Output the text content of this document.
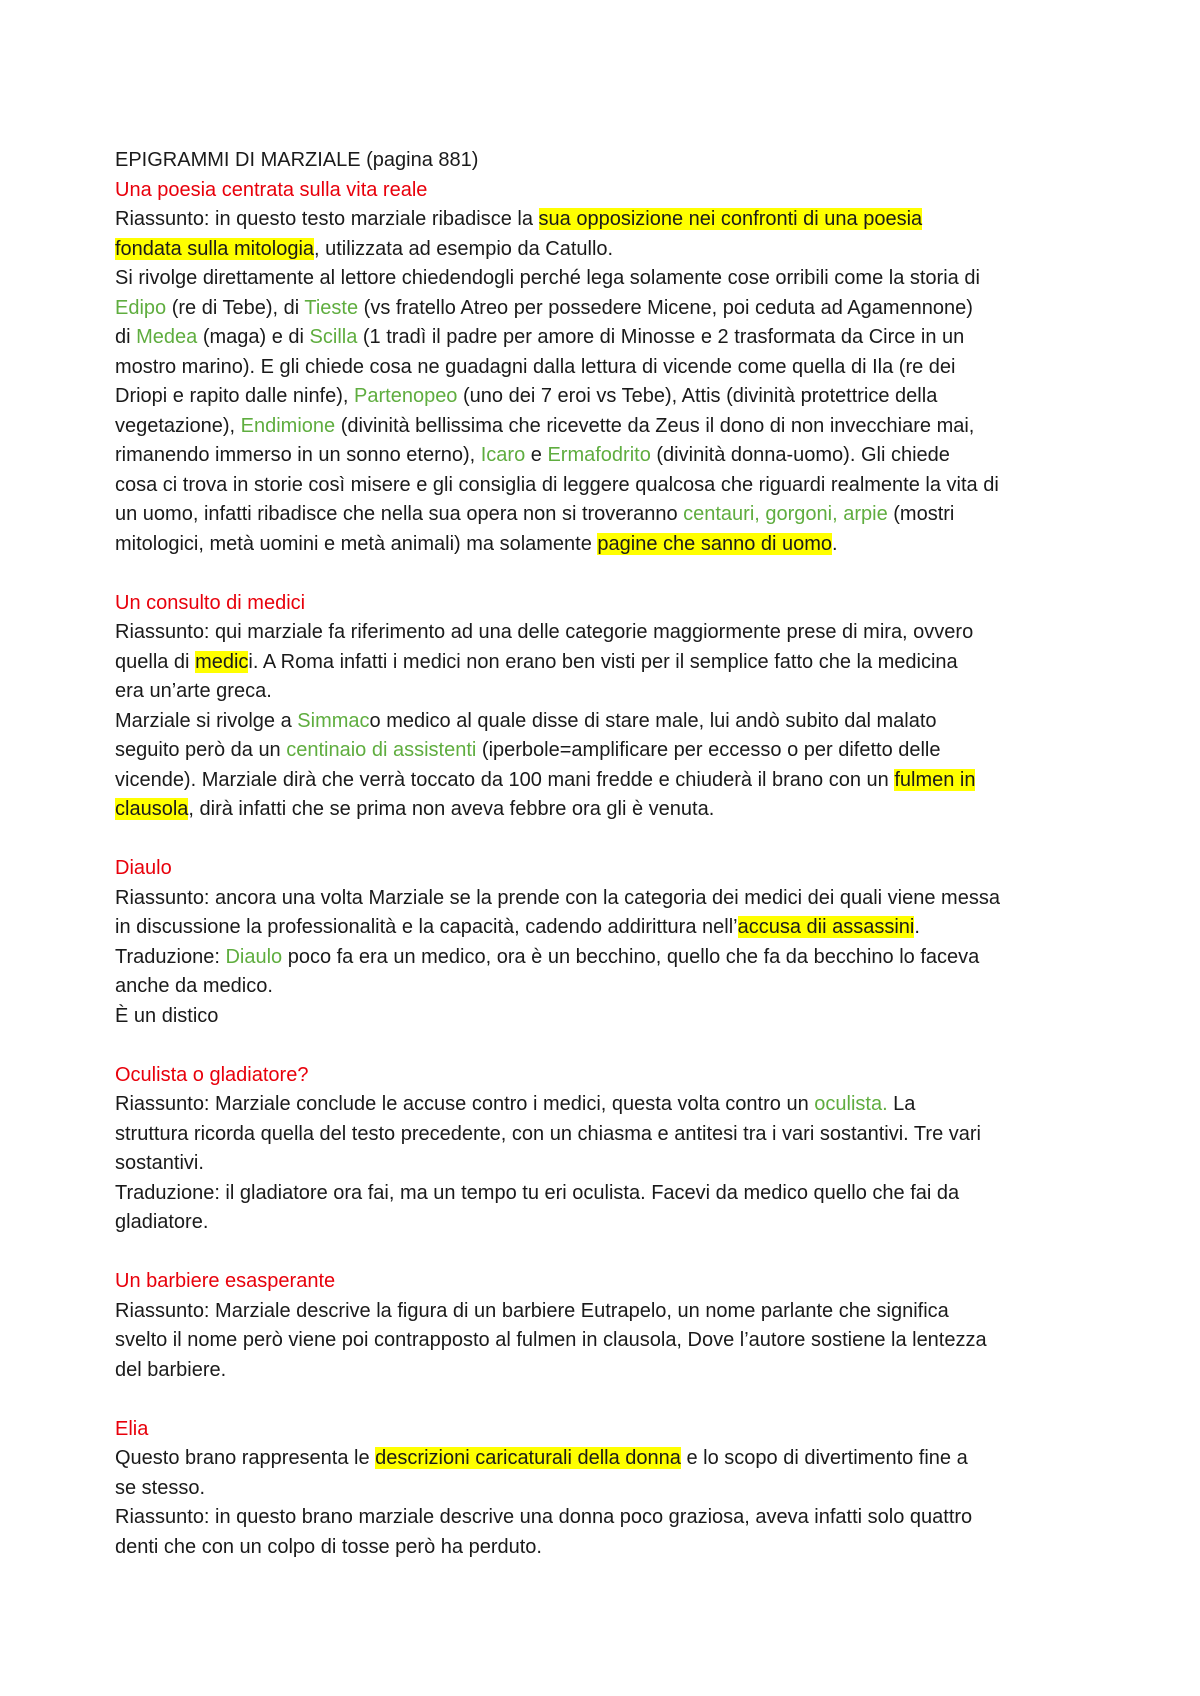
EPIGRAMMI DI MARZIALE (pagina 881)
Una poesia centrata sulla vita reale
Riassunto: in questo testo marziale ribadisce la sua opposizione nei confronti di una poesia
fondata sulla mitologia, utilizzata ad esempio da Catullo.
Si rivolge direttamente al lettore chiedendogli perché lega solamente cose orribili come la storia di
Edipo (re di Tebe), di Tieste (vs fratello Atreo per possedere Micene, poi ceduta ad Agamennone)
di Medea (maga) e di Scilla (1 tradì il padre per amore di Minosse e 2 trasformata da Circe in un
mostro marino). E gli chiede cosa ne guadagni dalla lettura di vicende come quella di Ila (re dei
Driopi e rapito dalle ninfe), Partenopeo (uno dei 7 eroi vs Tebe), Attis (divinità protettrice della
vegetazione), Endimione (divinità bellissima che ricevette da Zeus il dono di non invecchiare mai,
rimanendo immerso in un sonno eterno), Icaro e Ermafodrito (divinità donna-uomo). Gli chiede
cosa ci trova in storie così misere e gli consiglia di leggere qualcosa che riguardi realmente la vita di
un uomo, infatti ribadisce che nella sua opera non si troveranno centauri, gorgoni, arpie (mostri
mitologici, metà uomini e metà animali) ma solamente pagine che sanno di uomo.
Un consulto di medici
Riassunto: qui marziale fa riferimento ad una delle categorie maggiormente prese di mira, ovvero
quella di medici. A Roma infatti i medici non erano ben visti per il semplice fatto che la medicina
era un’arte greca.
Marziale si rivolge a Simmaco medico al quale disse di stare male, lui andò subito dal malato
seguito però da un centinaio di assistenti (iperbole=amplificare per eccesso o per difetto delle
vicende). Marziale dirà che verrà toccato da 100 mani fredde e chiuderà il brano con un fulmen in
clausola, dirà infatti che se prima non aveva febbre ora gli è venuta.
Diaulo
Riassunto: ancora una volta Marziale se la prende con la categoria dei medici dei quali viene messa
in discussione la professionalità e la capacità, cadendo addirittura nell’accusa dii assassini.
Traduzione: Diaulo poco fa era un medico, ora è un becchino, quello che fa da becchino lo faceva
anche da medico.
È un distico
Oculista o gladiatore?
Riassunto: Marziale conclude le accuse contro i medici, questa volta contro un oculista. La
struttura ricorda quella del testo precedente, con un chiasma e antitesi tra i vari sostantivi. Tre vari
sostantivi.
Traduzione: il gladiatore ora fai, ma un tempo tu eri oculista. Facevi da medico quello che fai da
gladiatore.
Un barbiere esasperante
Riassunto: Marziale descrive la figura di un barbiere Eutrapelo, un nome parlante che significa
svelto il nome però viene poi contrapposto al fulmen in clausola, Dove l’autore sostiene la lentezza
del barbiere.
Elia
Questo brano rappresenta le descrizioni caricaturali della donna e lo scopo di divertimento fine a
se stesso.
Riassunto: in questo brano marziale descrive una donna poco graziosa, aveva infatti solo quattro
denti che con un colpo di tosse però ha perduto.
